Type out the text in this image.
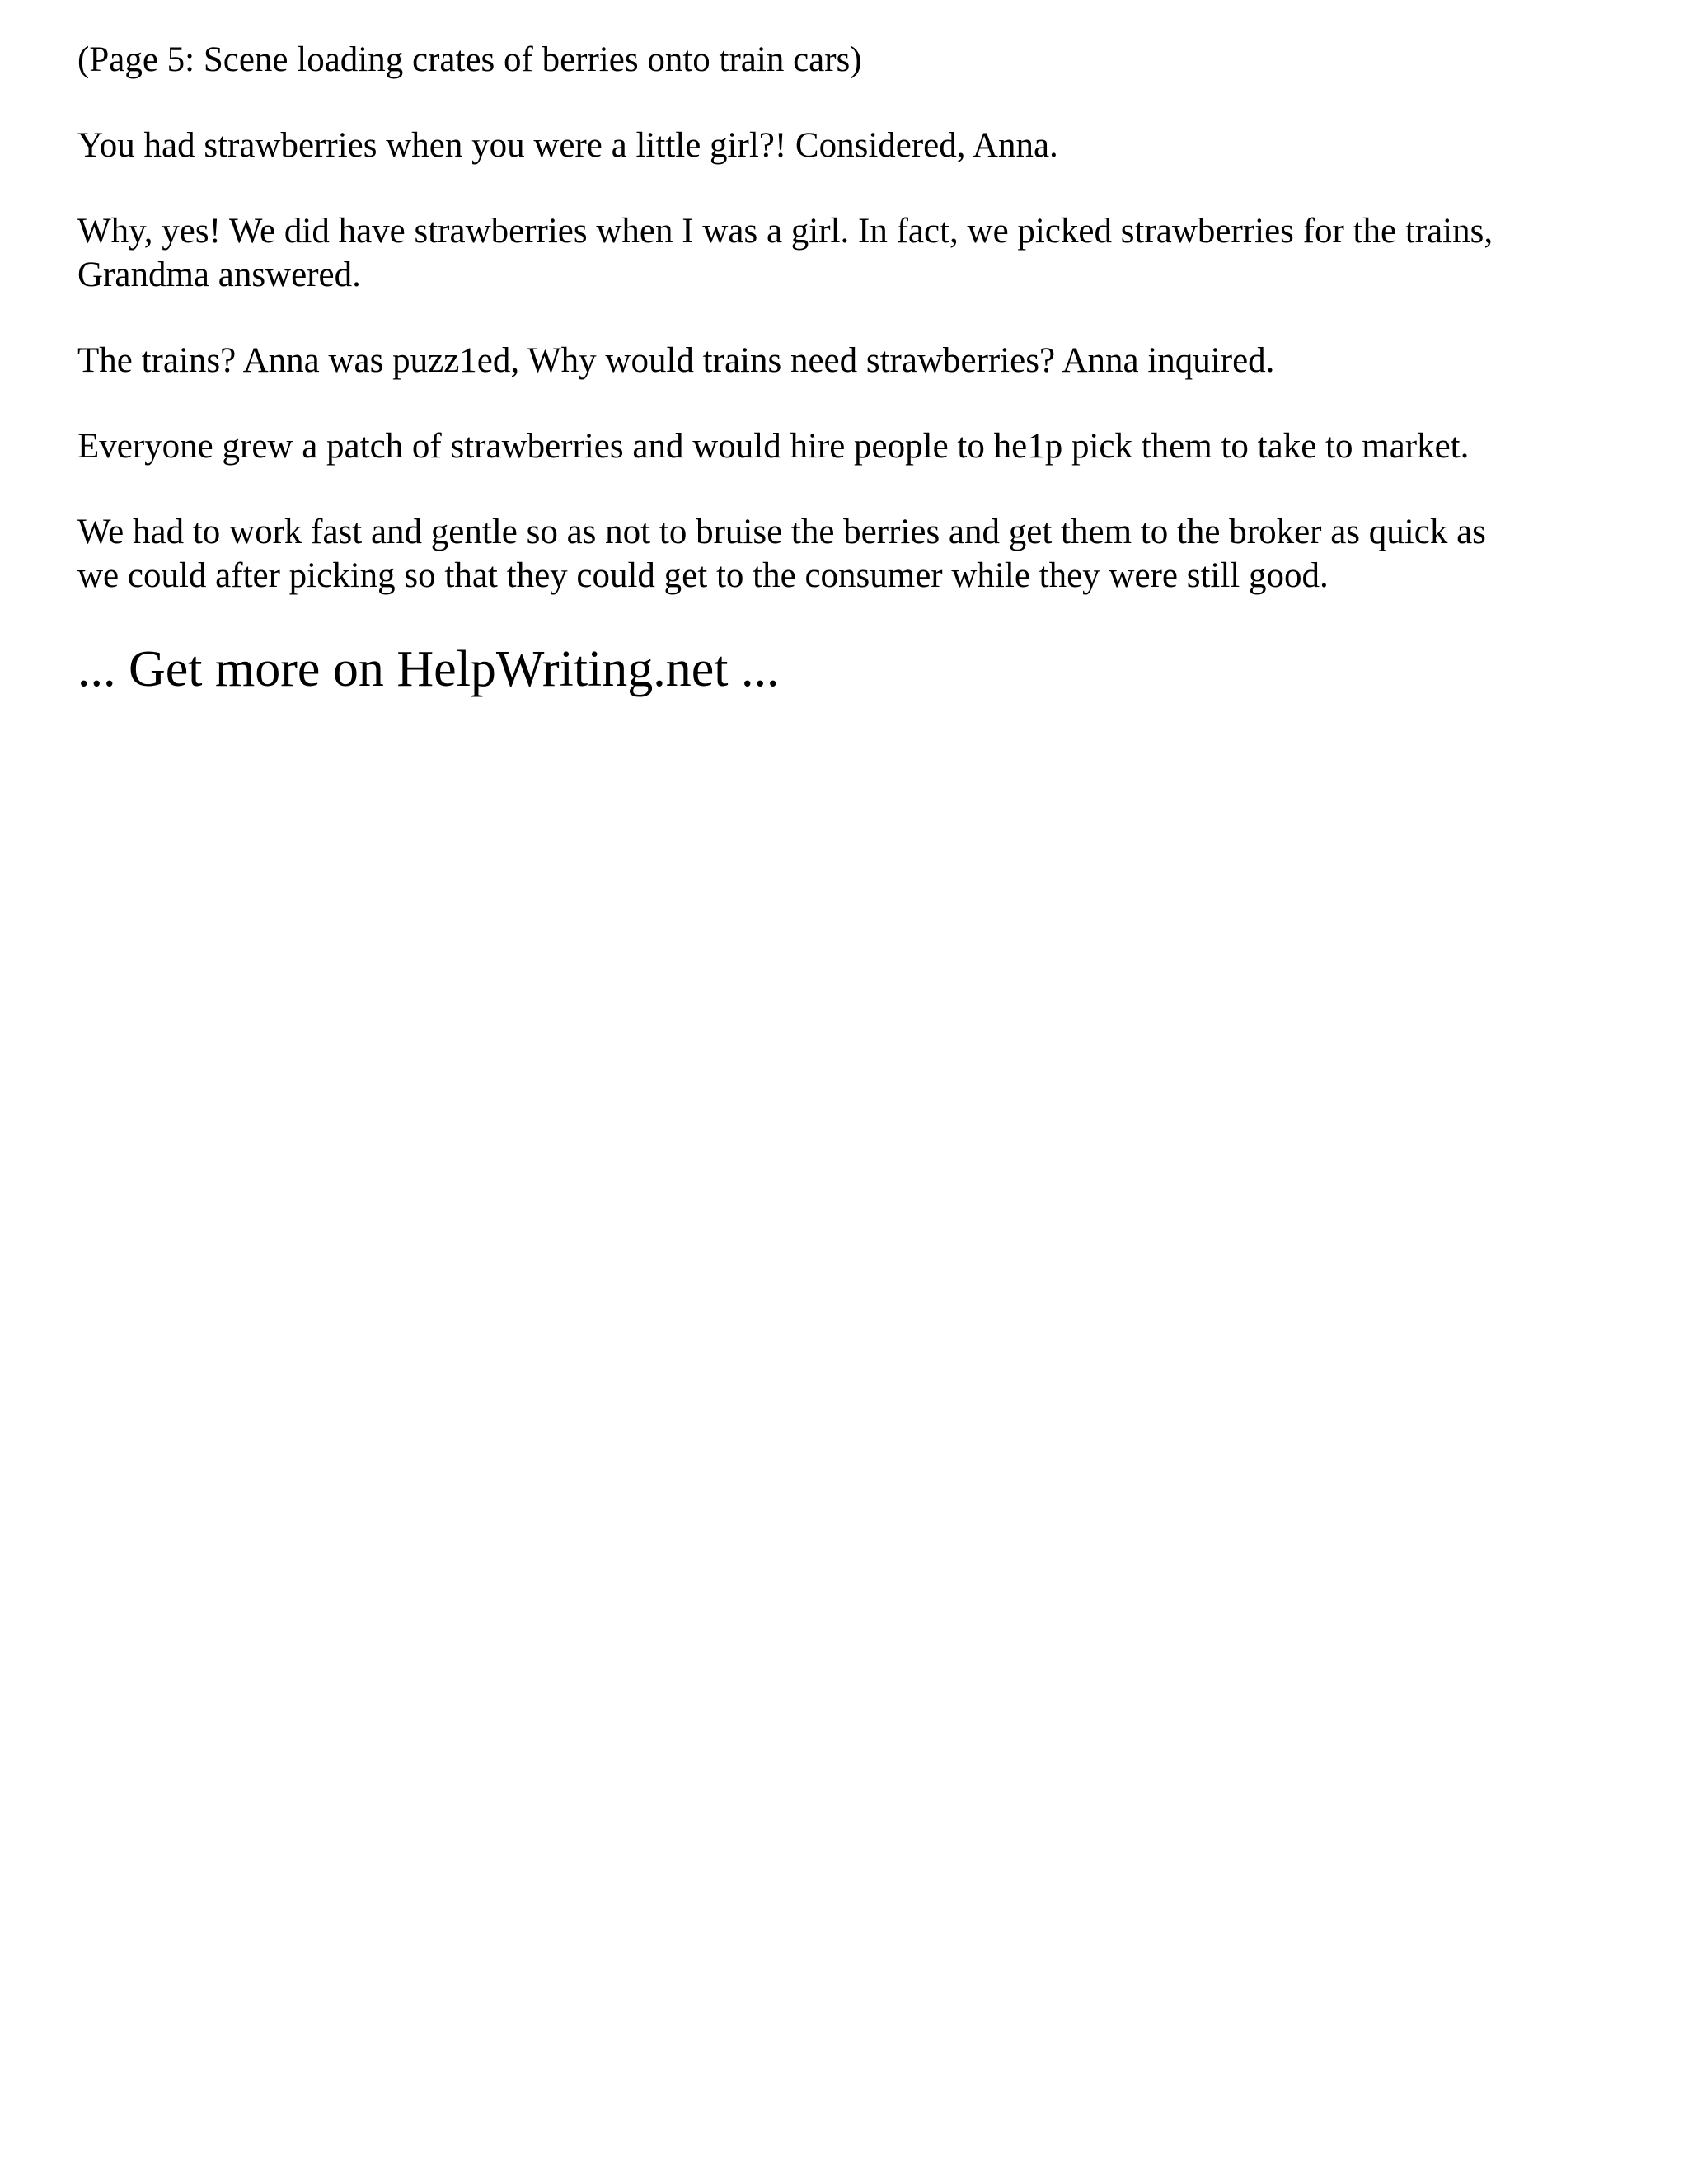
(Page 5: Scene loading crates of berries onto train cars)

You had strawberries when you were a little girl?! Considered, Anna.

Why, yes! We did have strawberries when I was a girl. In fact, we picked strawberries for the trains,
Grandma answered.

The trains? Anna was puzz1ed, Why would trains need strawberries? Anna inquired.

Everyone grew a patch of strawberries and would hire people to he1p pick them to take to market.

We had to work fast and gentle so as not to bruise the berries and get them to the broker as quick as
we could after picking so that they could get to the consumer while they were still good.

... Get more on HelpWriting.net ...
